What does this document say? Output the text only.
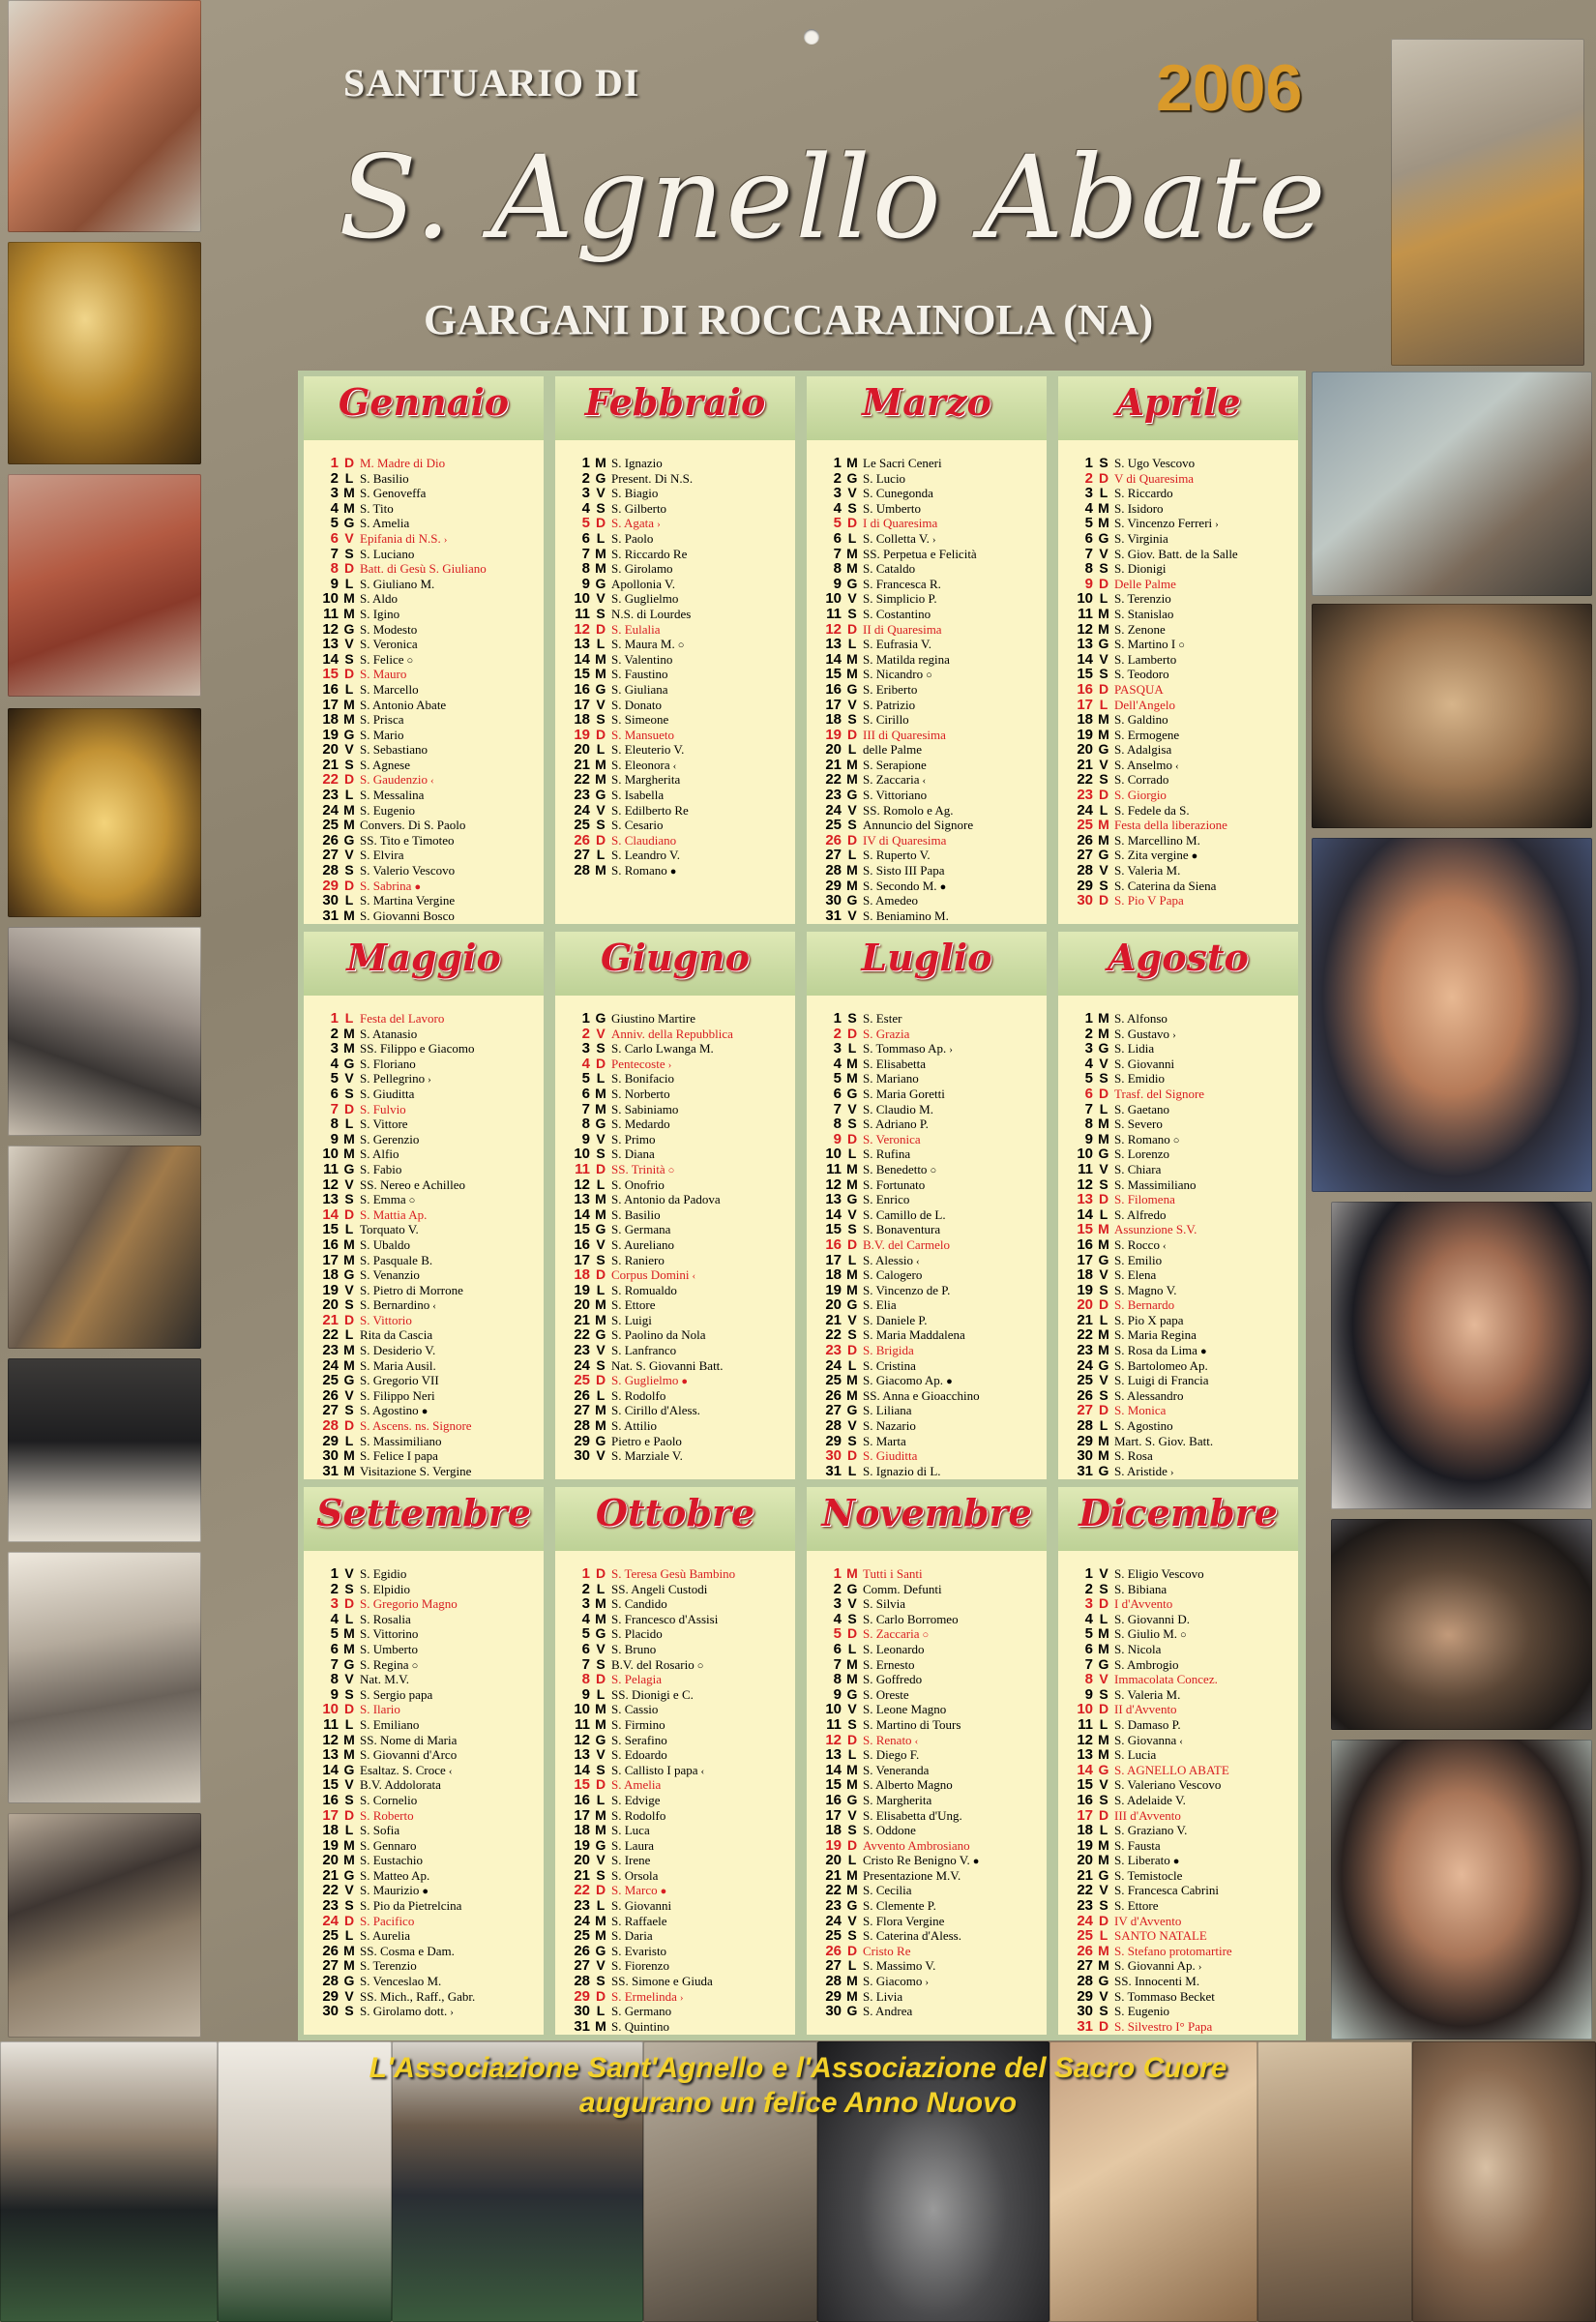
SANTUARIO DI	2006
S. Agnello Abate
GARGANI DI ROCCARAINOLA (NA)
Gennaio
1 D M. Madre di Dio
2 L S. Basilio
3 M S. Genoveffa
4 M S. Tito
5 G S. Amelia
6 V Epifania di N.S. ›
7 S S. Luciano
8 D Batt. di Gesù S. Giuliano
9 L S. Giuliano M.
10 M S. Aldo
11 M S. Igino
12 G S. Modesto
13 V S. Veronica
14 S S. Felice ○
15 D S. Mauro
16 L S. Marcello
17 M S. Antonio Abate
18 M S. Prisca
19 G S. Mario
20 V S. Sebastiano
21 S S. Agnese
22 D S. Gaudenzio ‹
23 L S. Messalina
24 M S. Eugenio
25 M Convers. Di S. Paolo
26 G SS. Tito e Timoteo
27 V S. Elvira
28 S S. Valerio Vescovo
29 D S. Sabrina ●
30 L S. Martina Vergine
31 M S. Giovanni Bosco
Febbraio
1 M S. Ignazio
2 G Present. Di N.S.
3 V S. Biagio
4 S S. Gilberto
5 D S. Agata ›
6 L S. Paolo
7 M S. Riccardo Re
8 M S. Girolamo
9 G Apollonia V.
10 V S. Guglielmo
11 S N.S. di Lourdes
12 D S. Eulalia
13 L S. Maura M. ○
14 M S. Valentino
15 M S. Faustino
16 G S. Giuliana
17 V S. Donato
18 S S. Simeone
19 D S. Mansueto
20 L S. Eleuterio V.
21 M S. Eleonora ‹
22 M S. Margherita
23 G S. Isabella
24 V S. Edilberto Re
25 S S. Cesario
26 D S. Claudiano
27 L S. Leandro V.
28 M S. Romano ●
Marzo
1 M Le Sacri Ceneri
2 G S. Lucio
3 V S. Cunegonda
4 S S. Umberto
5 D I di Quaresima
6 L S. Colletta V. ›
7 M SS. Perpetua e Felicità
8 M S. Cataldo
9 G S. Francesca R.
10 V S. Simplicio P.
11 S S. Costantino
12 D II di Quaresima
13 L S. Eufrasia V.
14 M S. Matilda regina
15 M S. Nicandro ○
16 G S. Eriberto
17 V S. Patrizio
18 S S. Cirillo
19 D III di Quaresima
20 L delle Palme
21 M S. Serapione
22 M S. Zaccaria ‹
23 G S. Vittoriano
24 V SS. Romolo e Ag.
25 S Annuncio del Signore
26 D IV di Quaresima
27 L S. Ruperto V.
28 M S. Sisto III Papa
29 M S. Secondo M. ●
30 G S. Amedeo
31 V S. Beniamino M.
Aprile
1 S S. Ugo Vescovo
2 D V di Quaresima
3 L S. Riccardo
4 M S. Isidoro
5 M S. Vincenzo Ferreri ›
6 G S. Virginia
7 V S. Giov. Batt. de la Salle
8 S S. Dionigi
9 D Delle Palme
10 L S. Terenzio
11 M S. Stanislao
12 M S. Zenone
13 G S. Martino I ○
14 V S. Lamberto
15 S S. Teodoro
16 D PASQUA
17 L Dell'Angelo
18 M S. Galdino
19 M S. Ermogene
20 G S. Adalgisa
21 V S. Anselmo ‹
22 S S. Corrado
23 D S. Giorgio
24 L S. Fedele da S.
25 M Festa della liberazione
26 M S. Marcellino M.
27 G S. Zita vergine ●
28 V S. Valeria M.
29 S S. Caterina da Siena
30 D S. Pio V Papa
Maggio
1 L Festa del Lavoro
2 M S. Atanasio
3 M SS. Filippo e Giacomo
4 G S. Floriano
5 V S. Pellegrino ›
6 S S. Giuditta
7 D S. Fulvio
8 L S. Vittore
9 M S. Gerenzio
10 M S. Alfio
11 G S. Fabio
12 V SS. Nereo e Achilleo
13 S S. Emma ○
14 D S. Mattia Ap.
15 L Torquato V.
16 M S. Ubaldo
17 M S. Pasquale B.
18 G S. Venanzio
19 V S. Pietro di Morrone
20 S S. Bernardino ‹
21 D S. Vittorio
22 L Rita da Cascia
23 M S. Desiderio V.
24 M S. Maria Ausil.
25 G S. Gregorio VII
26 V S. Filippo Neri
27 S S. Agostino ●
28 D S. Ascens. ns. Signore
29 L S. Massimiliano
30 M S. Felice I papa
31 M Visitazione S. Vergine
Giugno
1 G Giustino Martire
2 V Anniv. della Repubblica
3 S S. Carlo Lwanga M.
4 D Pentecoste ›
5 L S. Bonifacio
6 M S. Norberto
7 M S. Sabiniamo
8 G S. Medardo
9 V S. Primo
10 S S. Diana
11 D SS. Trinità ○
12 L S. Onofrio
13 M S. Antonio da Padova
14 M S. Basilio
15 G S. Germana
16 V S. Aureliano
17 S S. Raniero
18 D Corpus Domini ‹
19 L S. Romualdo
20 M S. Ettore
21 M S. Luigi
22 G S. Paolino da Nola
23 V S. Lanfranco
24 S Nat. S. Giovanni Batt.
25 D S. Guglielmo ●
26 L S. Rodolfo
27 M S. Cirillo d'Aless.
28 M S. Attilio
29 G Pietro e Paolo
30 V S. Marziale V.
Luglio
1 S S. Ester
2 D S. Grazia
3 L S. Tommaso Ap. ›
4 M S. Elisabetta
5 M S. Mariano
6 G S. Maria Goretti
7 V S. Claudio M.
8 S S. Adriano P.
9 D S. Veronica
10 L S. Rufina
11 M S. Benedetto ○
12 M S. Fortunato
13 G S. Enrico
14 V S. Camillo de L.
15 S S. Bonaventura
16 D B.V. del Carmelo
17 L S. Alessio ‹
18 M S. Calogero
19 M S. Vincenzo de P.
20 G S. Elia
21 V S. Daniele P.
22 S S. Maria Maddalena
23 D S. Brigida
24 L S. Cristina
25 M S. Giacomo Ap. ●
26 M SS. Anna e Gioacchino
27 G S. Liliana
28 V S. Nazario
29 S S. Marta
30 D S. Giuditta
31 L S. Ignazio di L.
Agosto
1 M S. Alfonso
2 M S. Gustavo ›
3 G S. Lidia
4 V S. Giovanni
5 S S. Emidio
6 D Trasf. del Signore
7 L S. Gaetano
8 M S. Severo
9 M S. Romano ○
10 G S. Lorenzo
11 V S. Chiara
12 S S. Massimiliano
13 D S. Filomena
14 L S. Alfredo
15 M Assunzione S.V.
16 M S. Rocco ‹
17 G S. Emilio
18 V S. Elena
19 S S. Magno V.
20 D S. Bernardo
21 L S. Pio X papa
22 M S. Maria Regina
23 M S. Rosa da Lima ●
24 G S. Bartolomeo Ap.
25 V S. Luigi di Francia
26 S S. Alessandro
27 D S. Monica
28 L S. Agostino
29 M Mart. S. Giov. Batt.
30 M S. Rosa
31 G S. Aristide ›
Settembre
1 V S. Egidio
2 S S. Elpidio
3 D S. Gregorio Magno
4 L S. Rosalia
5 M S. Vittorino
6 M S. Umberto
7 G S. Regina ○
8 V Nat. M.V.
9 S S. Sergio papa
10 D S. Ilario
11 L S. Emiliano
12 M SS. Nome di Maria
13 M S. Giovanni d'Arco
14 G Esaltaz. S. Croce ‹
15 V B.V. Addolorata
16 S S. Cornelio
17 D S. Roberto
18 L S. Sofia
19 M S. Gennaro
20 M S. Eustachio
21 G S. Matteo Ap.
22 V S. Maurizio ●
23 S S. Pio da Pietrelcina
24 D S. Pacifico
25 L S. Aurelia
26 M SS. Cosma e Dam.
27 M S. Terenzio
28 G S. Venceslao M.
29 V SS. Mich., Raff., Gabr.
30 S S. Girolamo dott. ›
Ottobre
1 D S. Teresa Gesù Bambino
2 L SS. Angeli Custodi
3 M S. Candido
4 M S. Francesco d'Assisi
5 G S. Placido
6 V S. Bruno
7 S B.V. del Rosario ○
8 D S. Pelagia
9 L SS. Dionigi e C.
10 M S. Cassio
11 M S. Firmino
12 G S. Serafino
13 V S. Edoardo
14 S S. Callisto I papa ‹
15 D S. Amelia
16 L S. Edvige
17 M S. Rodolfo
18 M S. Luca
19 G S. Laura
20 V S. Irene
21 S S. Orsola
22 D S. Marco ●
23 L S. Giovanni
24 M S. Raffaele
25 M S. Daria
26 G S. Evaristo
27 V S. Fiorenzo
28 S SS. Simone e Giuda
29 D S. Ermelinda ›
30 L S. Germano
31 M S. Quintino
Novembre
1 M Tutti i Santi
2 G Comm. Defunti
3 V S. Silvia
4 S S. Carlo Borromeo
5 D S. Zaccaria ○
6 L S. Leonardo
7 M S. Ernesto
8 M S. Goffredo
9 G S. Oreste
10 V S. Leone Magno
11 S S. Martino di Tours
12 D S. Renato ‹
13 L S. Diego F.
14 M S. Veneranda
15 M S. Alberto Magno
16 G S. Margherita
17 V S. Elisabetta d'Ung.
18 S S. Oddone
19 D Avvento Ambrosiano
20 L Cristo Re Benigno V. ●
21 M Presentazione M.V.
22 M S. Cecilia
23 G S. Clemente P.
24 V S. Flora Vergine
25 S S. Caterina d'Aless.
26 D Cristo Re
27 L S. Massimo V.
28 M S. Giacomo ›
29 M S. Livia
30 G S. Andrea
Dicembre
1 V S. Eligio Vescovo
2 S S. Bibiana
3 D I d'Avvento
4 L S. Giovanni D.
5 M S. Giulio M. ○
6 M S. Nicola
7 G S. Ambrogio
8 V Immacolata Concez.
9 S S. Valeria M.
10 D II d'Avvento
11 L S. Damaso P.
12 M S. Giovanna ‹
13 M S. Lucia
14 G S. AGNELLO ABATE
15 V S. Valeriano Vescovo
16 S S. Adelaide V.
17 D III d'Avvento
18 L S. Graziano V.
19 M S. Fausta
20 M S. Liberato ●
21 G S. Temistocle
22 V S. Francesca Cabrini
23 S S. Ettore
24 D IV d'Avvento
25 L SANTO NATALE
26 M S. Stefano protomartire
27 M S. Giovanni Ap. ›
28 G SS. Innocenti M.
29 V S. Tommaso Becket
30 S S. Eugenio
31 D S. Silvestro I° Papa
L'Associazione Sant'Agnello e l'Associazione del Sacro Cuore
augurano un felice Anno Nuovo
